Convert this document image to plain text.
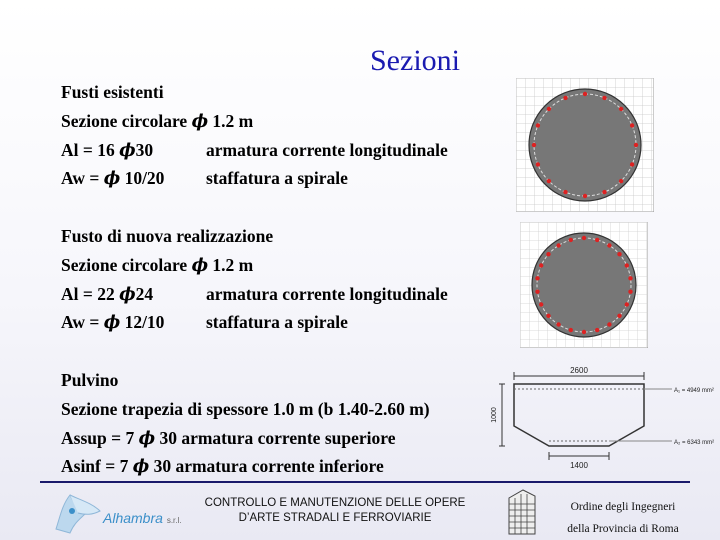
Sezioni
Fusti esistenti
Sezione circolare ϕ 1.2 m
Al = 16 ϕ30	armatura corrente longitudinale
Aw = ϕ 10/20 staffatura a spirale
Fusto di nuova realizzazione
Sezione circolare ϕ 1.2 m
Al = 22 ϕ24	armatura corrente longitudinale
Aw = ϕ 12/10 staffatura a spirale
Pulvino
Sezione trapezia di spessore 1.0 m (b 1.40-2.60 m)
Assup = 7 ϕ 30 armatura corrente superiore
Asinf = 7 ϕ 30 armatura corrente inferiore
2600
1400
1000
A₁ = 4949 mm²
A₂ = 6343 mm²
Alhambra s.r.l.
CONTROLLO E MANUTENZIONE DELLE OPERE
D’ARTE STRADALI E FERROVIARIE
Ordine degli Ingegneri
della Provincia di Roma
